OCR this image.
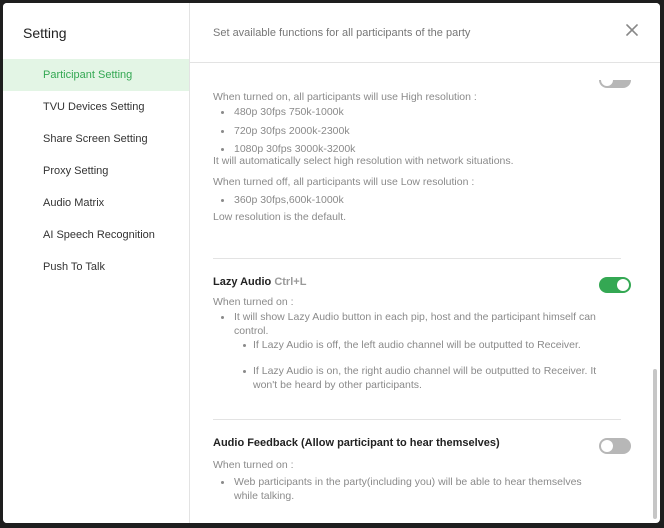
Setting
Participant Setting
TVU Devices Setting
Share Screen Setting
Proxy Setting
Audio Matrix
AI Speech Recognition
Push To Talk
Set available functions for all participants of the party
When turned on, all participants will use High resolution :
480p 30fps 750k-1000k
720p 30fps 2000k-2300k
1080p 30fps 3000k-3200k
It will automatically select high resolution with network situations.
When turned off, all participants will use Low resolution :
360p 30fps,600k-1000k
Low resolution is the default.
Lazy Audio Ctrl+L
When turned on :
It will show Lazy Audio button in each pip, host and the participant himself can
control.
If Lazy Audio is off, the left audio channel will be outputted to Receiver.
If Lazy Audio is on, the right audio channel will be outputted to Receiver. It
won't be heard by other participants.
Audio Feedback (Allow participant to hear themselves)
When turned on :
Web participants in the party(including you) will be able to hear themselves
while talking.
